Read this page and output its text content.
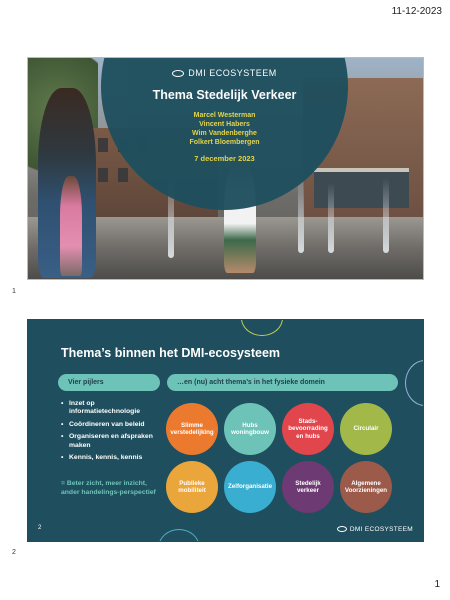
11-12-2023
DMI ECOSYSTEEM
Thema Stedelijk Verkeer
Marcel Westerman
Vincent Habers
Wim Vandenberghe
Folkert Bloembergen
7 december 2023
1
Thema’s binnen het DMI-ecosysteem
Vier pijlers	…en (nu) acht thema’s in het fysieke domein
• Inzet op informatietechnologie
• Coördineren van beleid
• Organiseren en afspraken maken
• Kennis, kennis, kennis
= Beter zicht, meer inzicht, ander handelings-perspectief
Slimme verstedelijking
Hubs woningbouw
Stads-bevoorrading en hubs
Circulair
Publieke mobiliteit
Zelforganisatie
Stedelijk verkeer
Algemene Voorzieningen
2	DMI ECOSYSTEEM
2
1
